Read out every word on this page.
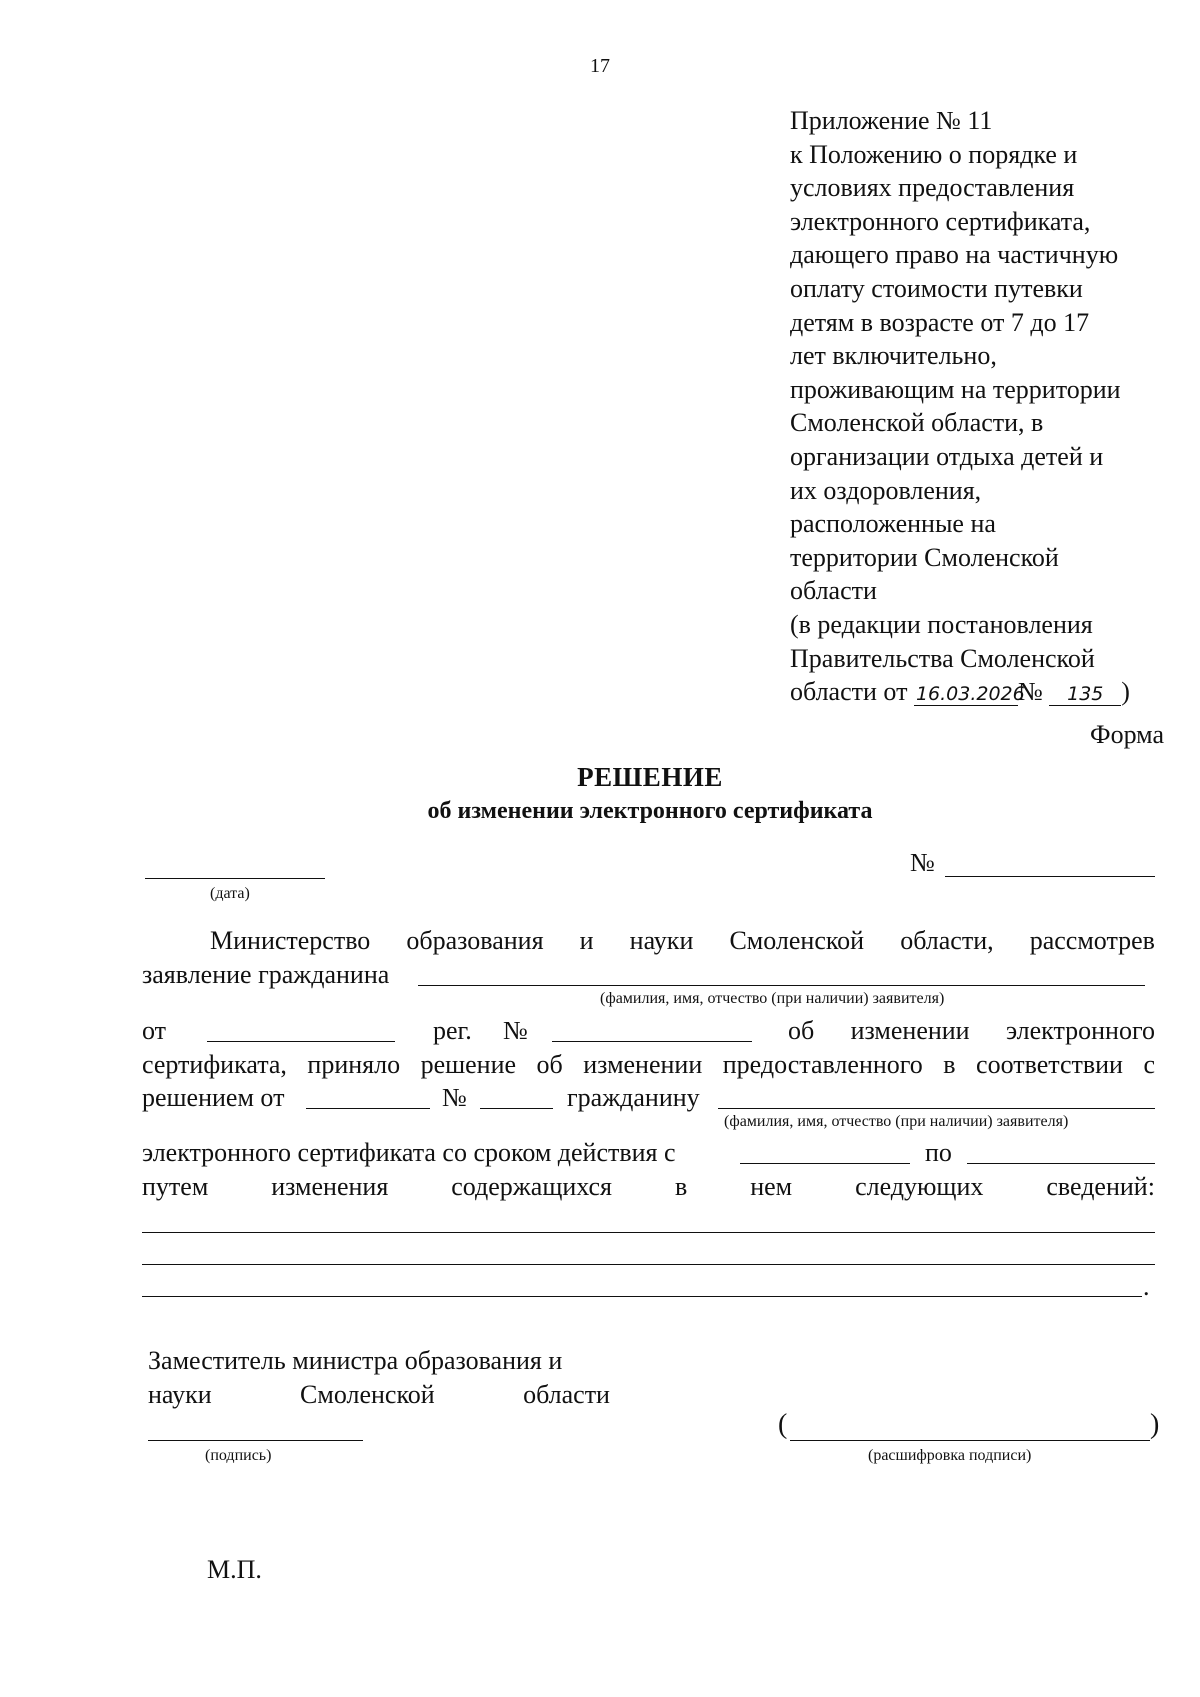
17
Приложение № 11
к Положению о порядке и
условиях предоставления
электронного сертификата,
дающего право на частичную
оплату стоимости путевки
детям в возрасте от 7 до 17
лет включительно,
проживающим на территории
Смоленской области, в
организации отдыха детей и
их оздоровления,
расположенные на
территории Смоленской
области
(в редакции постановления
Правительства Смоленской
области от 16.03.2026№ 135 )
Форма
РЕШЕНИЕ
об изменении электронного сертификата
(дата)
№
Министерство образования и науки Смоленской области, рассмотрев
заявление гражданина
(фамилия, имя, отчество (при наличии) заявителя)
от	рег. №	об изменении электронного
сертификата, приняло решение об изменении предоставленного в соответствии с
решением от	№	гражданину
(фамилия, имя, отчество (при наличии) заявителя)
электронного сертификата со сроком действия с	по
путем изменения содержащихся в нем следующих сведений:
.
Заместитель министра образования и
науки	Смоленской	области
(подпись)
(	)
(расшифровка подписи)
М.П.
